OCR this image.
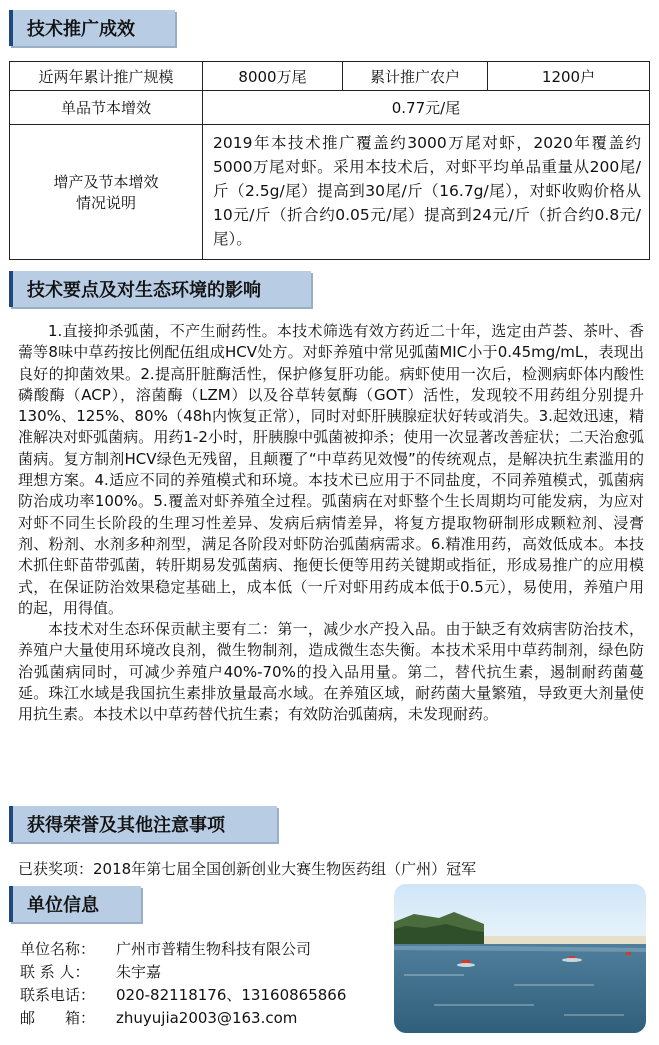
技术推广成效
近两年累计推广规模	8000万尾	累计推广农户	1200户
单品节本增效	0.77元/尾		

增产及节本增效
情况说明	2019年本技术推广覆盖约3000万尾对虾，2020年覆盖约5000万尾对虾。采用本技术后，对虾平均单品重量从200尾/斤（2.5g/尾）提高到30尾/斤（16.7g/尾），对虾收购价格从10元/斤（折合约0.05元/尾）提高到24元/斤（折合约0.8元/尾）。		
技术要点及对生态环境的影响

1.直接抑杀弧菌，不产生耐药性。本技术筛选有效方药近二十年，选定由芦荟、茶叶、香薷等8味中草药按比例配伍组成HCV处方。对虾养殖中常见弧菌MIC小于0.45mg/mL，表现出良好的抑菌效果。2.提高肝脏酶活性，保护修复肝功能。病虾使用一次后，检测病虾体内酸性磷酸酶（ACP），溶菌酶（LZM）以及谷草转氨酶（GOT）活性，发现较不用药组分别提升130%、125%、80%（48h内恢复正常），同时对虾肝胰腺症状好转或消失。3.起效迅速，精准解决对虾弧菌病。用药1-2小时，肝胰腺中弧菌被抑杀；使用一次显著改善症状；二天治愈弧菌病。复方制剂HCV绿色无残留，且颠覆了“中草药见效慢”的传统观点，是解决抗生素滥用的理想方案。4.适应不同的养殖模式和环境。本技术已应用于不同盐度，不同养殖模式，弧菌病防治成功率100%。5.覆盖对虾养殖全过程。弧菌病在对虾整个生长周期均可能发病，为应对对虾不同生长阶段的生理习性差异、发病后病情差异，将复方提取物研制形成颗粒剂、浸膏剂、粉剂、水剂多种剂型，满足各阶段对虾防治弧菌病需求。6.精准用药，高效低成本。本技术抓住虾苗带弧菌，转肝期易发弧菌病、拖便长便等用药关键期或指征，形成易推广的应用模式，在保证防治效果稳定基础上，成本低（一斤对虾用药成本低于0.5元），易使用，养殖户用的起，用得值。

本技术对生态环保贡献主要有二：第一，减少水产投入品。由于缺乏有效病害防治技术，养殖户大量使用环境改良剂，微生物制剂，造成微生态失衡。本技术采用中草药制剂，绿色防治弧菌病同时，可减少养殖户40%-70%的投入品用量。第二，替代抗生素，遏制耐药菌蔓延。珠江水域是我国抗生素排放量最高水域。在养殖区域，耐药菌大量繁殖，导致更大剂量使用抗生素。本技术以中草药替代抗生素；有效防治弧菌病，未发现耐药。

获得荣誉及其他注意事项
已获奖项：2018年第七届全国创新创业大赛生物医药组（广州）冠军
单位信息
单位名称：	广州市普精生物科技有限公司
联 系 人：	朱宇嘉
联系电话：	020-82118176、13160865866
邮　　箱：	zhuyujia2003@163.com
